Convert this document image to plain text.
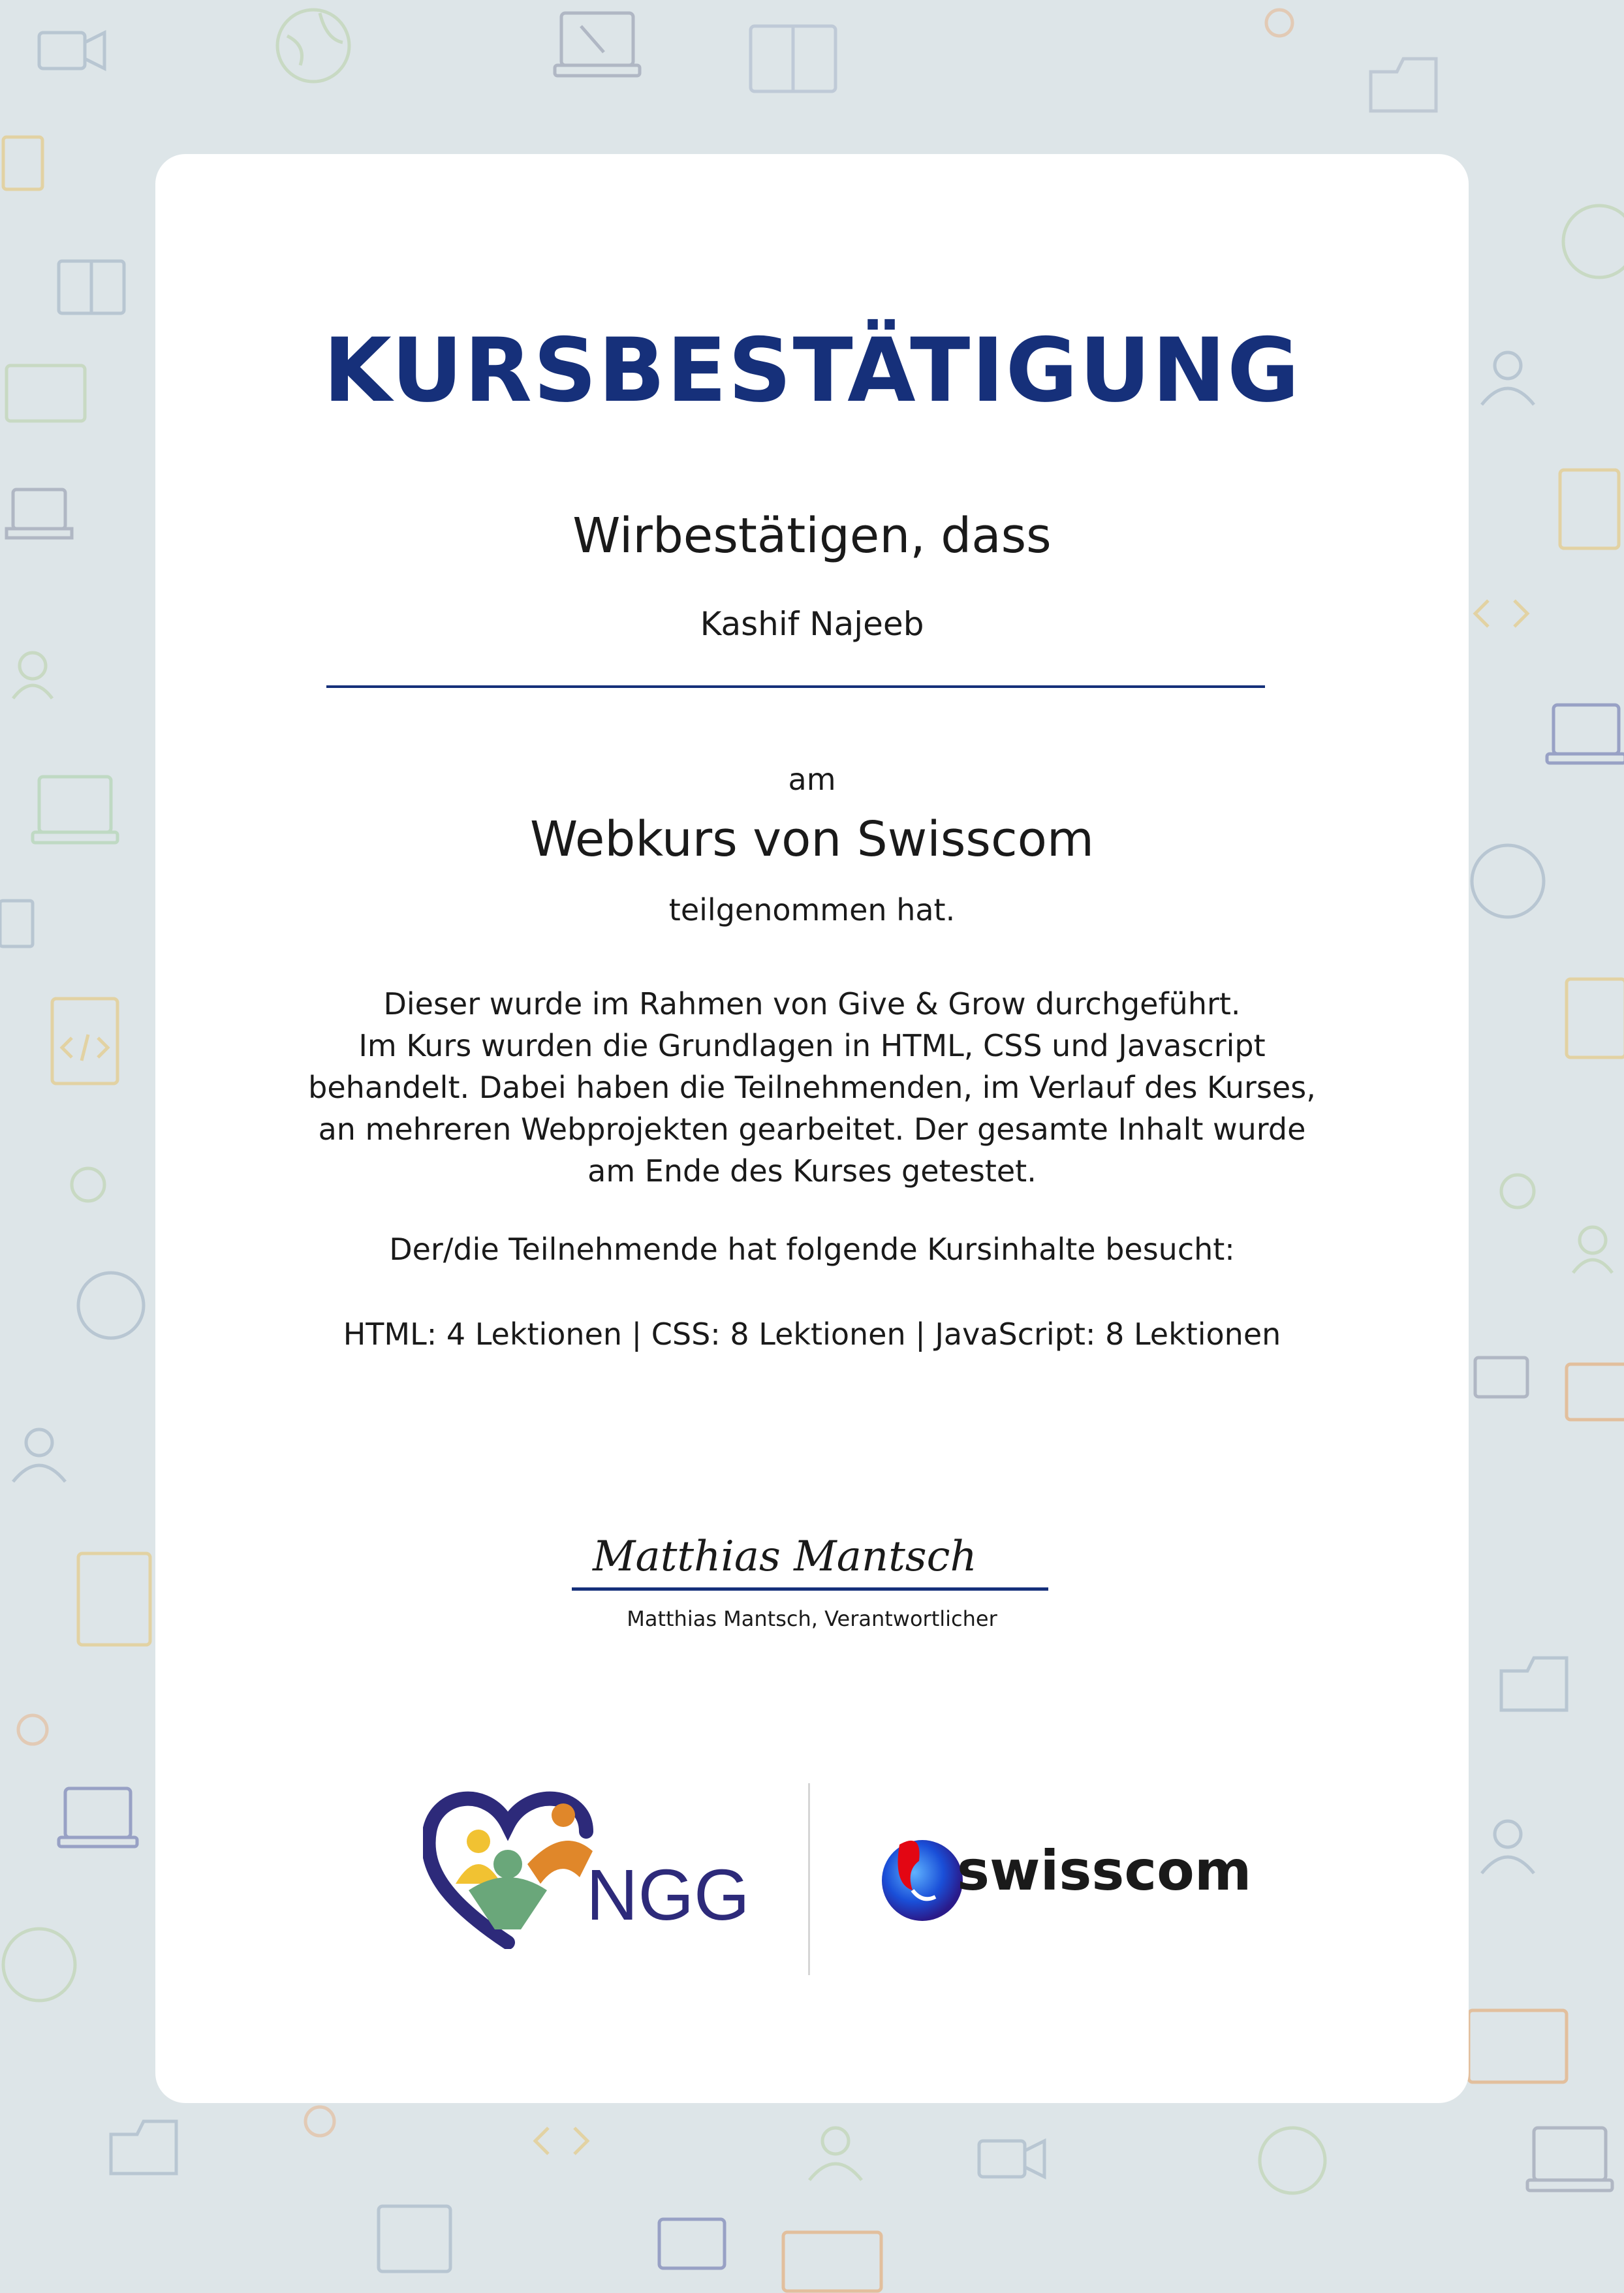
KURSBESTÄTIGUNG
Wirbestätigen, dass
Kashif Najeeb
am
Webkurs von Swisscom
teilgenommen hat.
Dieser wurde im Rahmen von Give & Grow durchgeführt.
Im Kurs wurden die Grundlagen in HTML, CSS und Javascript
behandelt. Dabei haben die Teilnehmenden, im Verlauf des Kurses,
an mehreren Webprojekten gearbeitet. Der gesamte Inhalt wurde
am Ende des Kurses getestet.
Der/die Teilnehmende hat folgende Kursinhalte besucht:
HTML: 4 Lektionen | CSS: 8 Lektionen | JavaScript: 8 Lektionen
Matthias Mantsch
Matthias Mantsch, Verantwortlicher
NGG	swisscom
